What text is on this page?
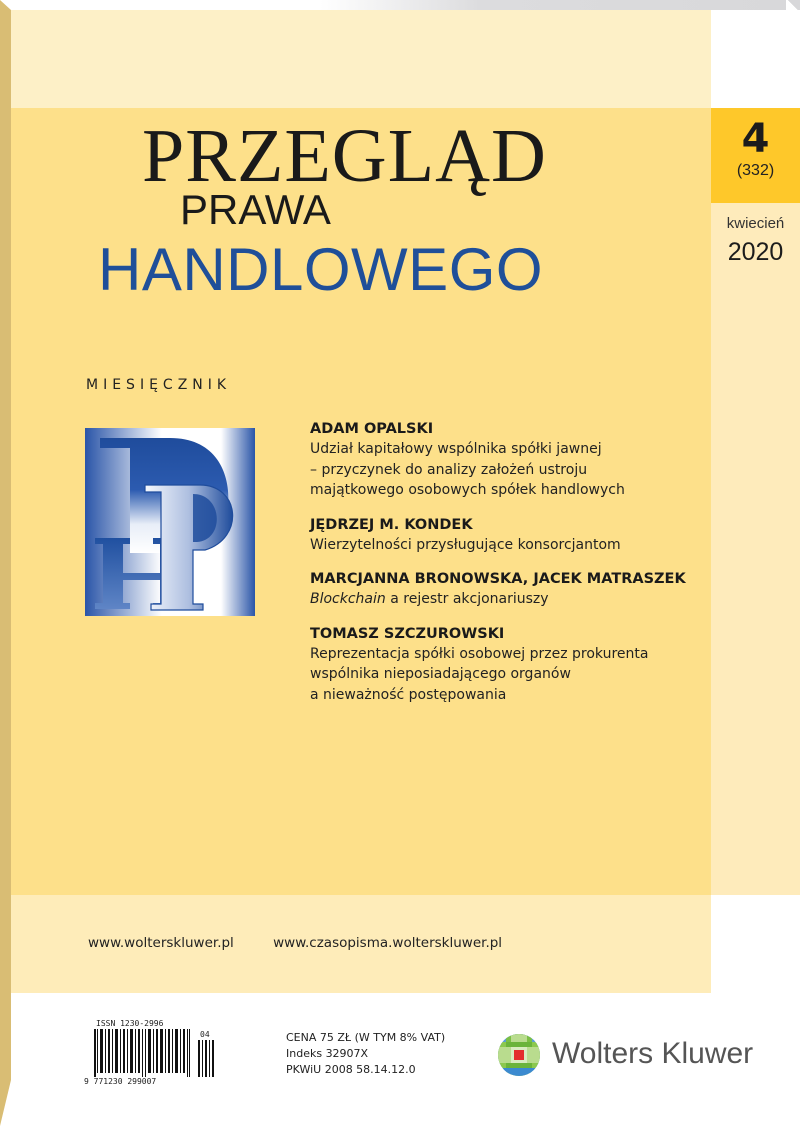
4
(332)
kwiecień
2020
PRZEGLĄD
PRAWA
HANDLOWEGO
MIESIĘCZNIK
ADAM OPALSKI
Udział kapitałowy wspólnika spółki jawnej
– przyczynek do analizy założeń ustroju
majątkowego osobowych spółek handlowych
JĘDRZEJ M. KONDEK
Wierzytelności przysługujące konsorcjantom
MARCJANNA BRONOWSKA, JACEK MATRASZEK
Blockchain a rejestr akcjonariuszy
TOMASZ SZCZUROWSKI
Reprezentacja spółki osobowej przez prokurenta
wspólnika nieposiadającego organów
a nieważność postępowania
www.wolterskluwer.pl	www.czasopisma.wolterskluwer.pl
ISSN 1230-2996
04
9 771230 299007
CENA 75 ZŁ (W TYM 8% VAT)
Indeks 32907X
PKWiU 2008 58.14.12.0	Wolters Kluwer
